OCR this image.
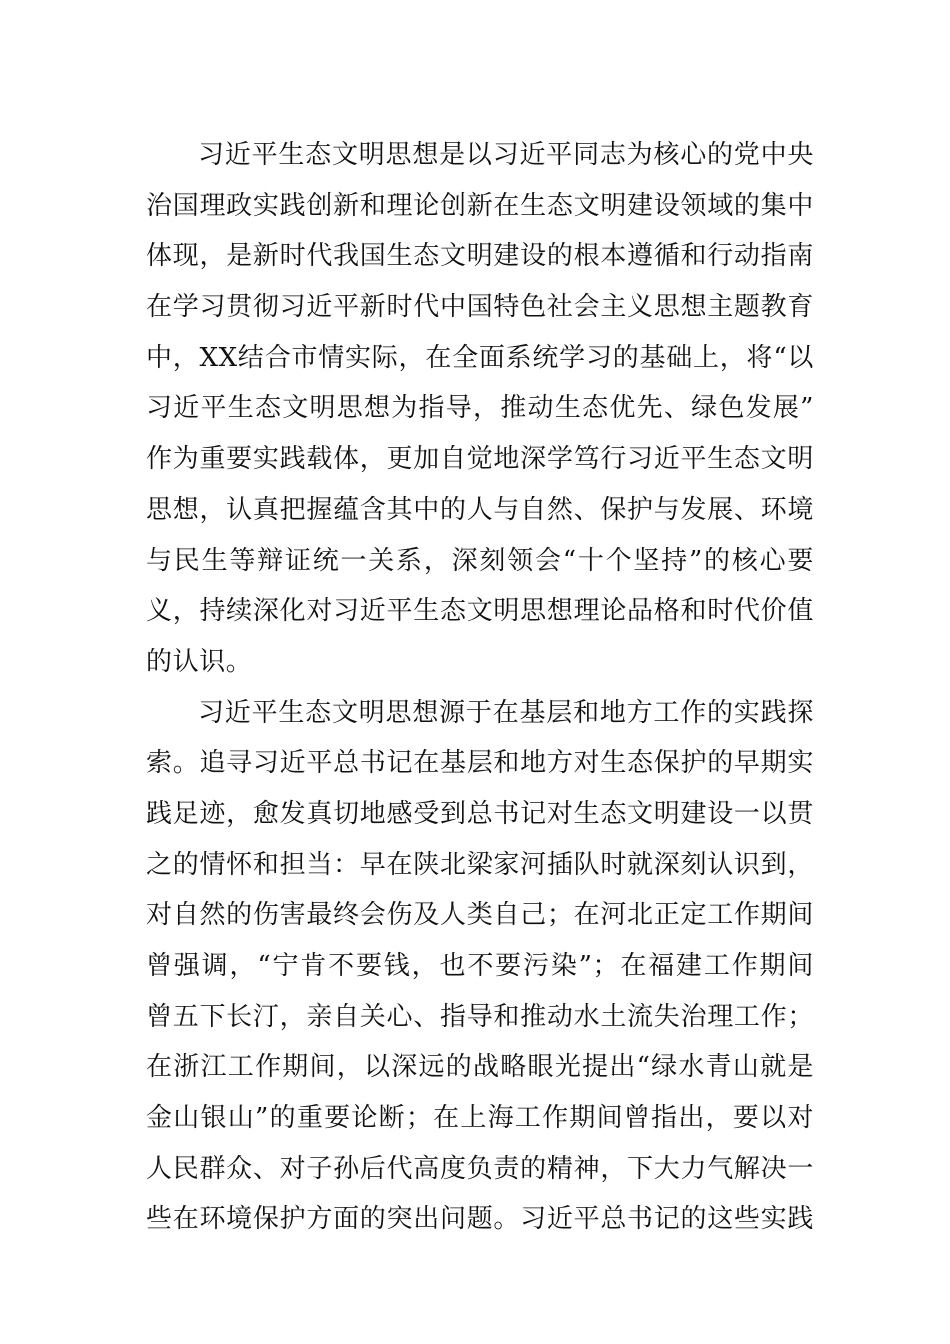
习近平生态文明思想是以习近平同志为核心的党中央
治国理政实践创新和理论创新在生态文明建设领域的集中
体现，是新时代我国生态文明建设的根本遵循和行动指南
在学习贯彻习近平新时代中国特色社会主义思想主题教育
中，XX结合市情实际，在全面系统学习的基础上，将“以
习近平生态文明思想为指导，推动生态优先、绿色发展”
作为重要实践载体，更加自觉地深学笃行习近平生态文明
思想，认真把握蕴含其中的人与自然、保护与发展、环境
与民生等辩证统一关系，深刻领会“十个坚持”的核心要
义，持续深化对习近平生态文明思想理论品格和时代价值
的认识。
习近平生态文明思想源于在基层和地方工作的实践探
索。追寻习近平总书记在基层和地方对生态保护的早期实
践足迹，愈发真切地感受到总书记对生态文明建设一以贯
之的情怀和担当：早在陕北梁家河插队时就深刻认识到，
对自然的伤害最终会伤及人类自己；在河北正定工作期间
曾强调，“宁肯不要钱，也不要污染”；在福建工作期间
曾五下长汀，亲自关心、指导和推动水土流失治理工作；
在浙江工作期间，以深远的战略眼光提出“绿水青山就是
金山银山”的重要论断；在上海工作期间曾指出，要以对
人民群众、对子孙后代高度负责的精神，下大力气解决一
些在环境保护方面的突出问题。习近平总书记的这些实践
